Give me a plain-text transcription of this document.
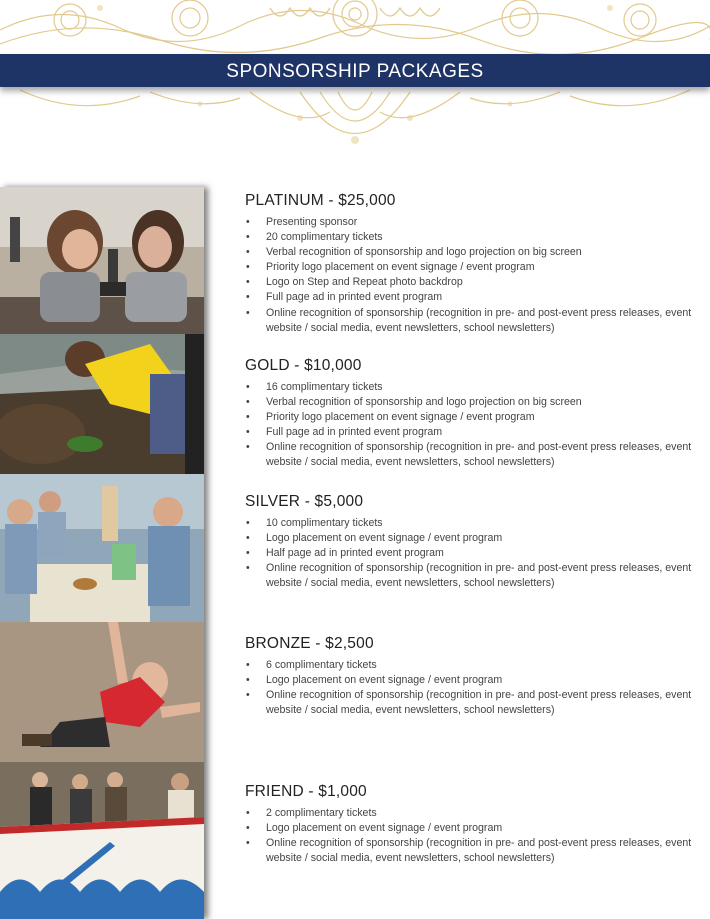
SPONSORSHIP PACKAGES
PLATINUM - $25,000
• Presenting sponsor
• 20 complimentary tickets
• Verbal recognition of sponsorship and logo projection on big screen
• Priority logo placement on event signage / event program
• Logo on Step and Repeat photo backdrop
• Full page ad in printed event program
• Online recognition of sponsorship (recognition in pre- and post-event press releases, event website / social media, event newsletters, school newsletters)
GOLD - $10,000
• 16 complimentary tickets
• Verbal recognition of sponsorship and logo projection on big screen
• Priority logo placement on event signage / event program
• Full page ad in printed event program
• Online recognition of sponsorship (recognition in pre- and post-event press releases, event website / social media, event newsletters, school newsletters)
SILVER - $5,000
• 10 complimentary tickets
• Logo placement on event signage / event program
• Half page ad in printed event program
• Online recognition of sponsorship (recognition in pre- and post-event press releases, event website / social media, event newsletters, school newsletters)
BRONZE - $2,500
• 6 complimentary tickets
• Logo placement on event signage / event program
• Online recognition of sponsorship (recognition in pre- and post-event press releases, event website / social media, event newsletters, school newsletters)
FRIEND - $1,000
• 2 complimentary tickets
• Logo placement on event signage / event program
• Online recognition of sponsorship (recognition in pre- and post-event press releases, event website / social media, event newsletters, school newsletters)
